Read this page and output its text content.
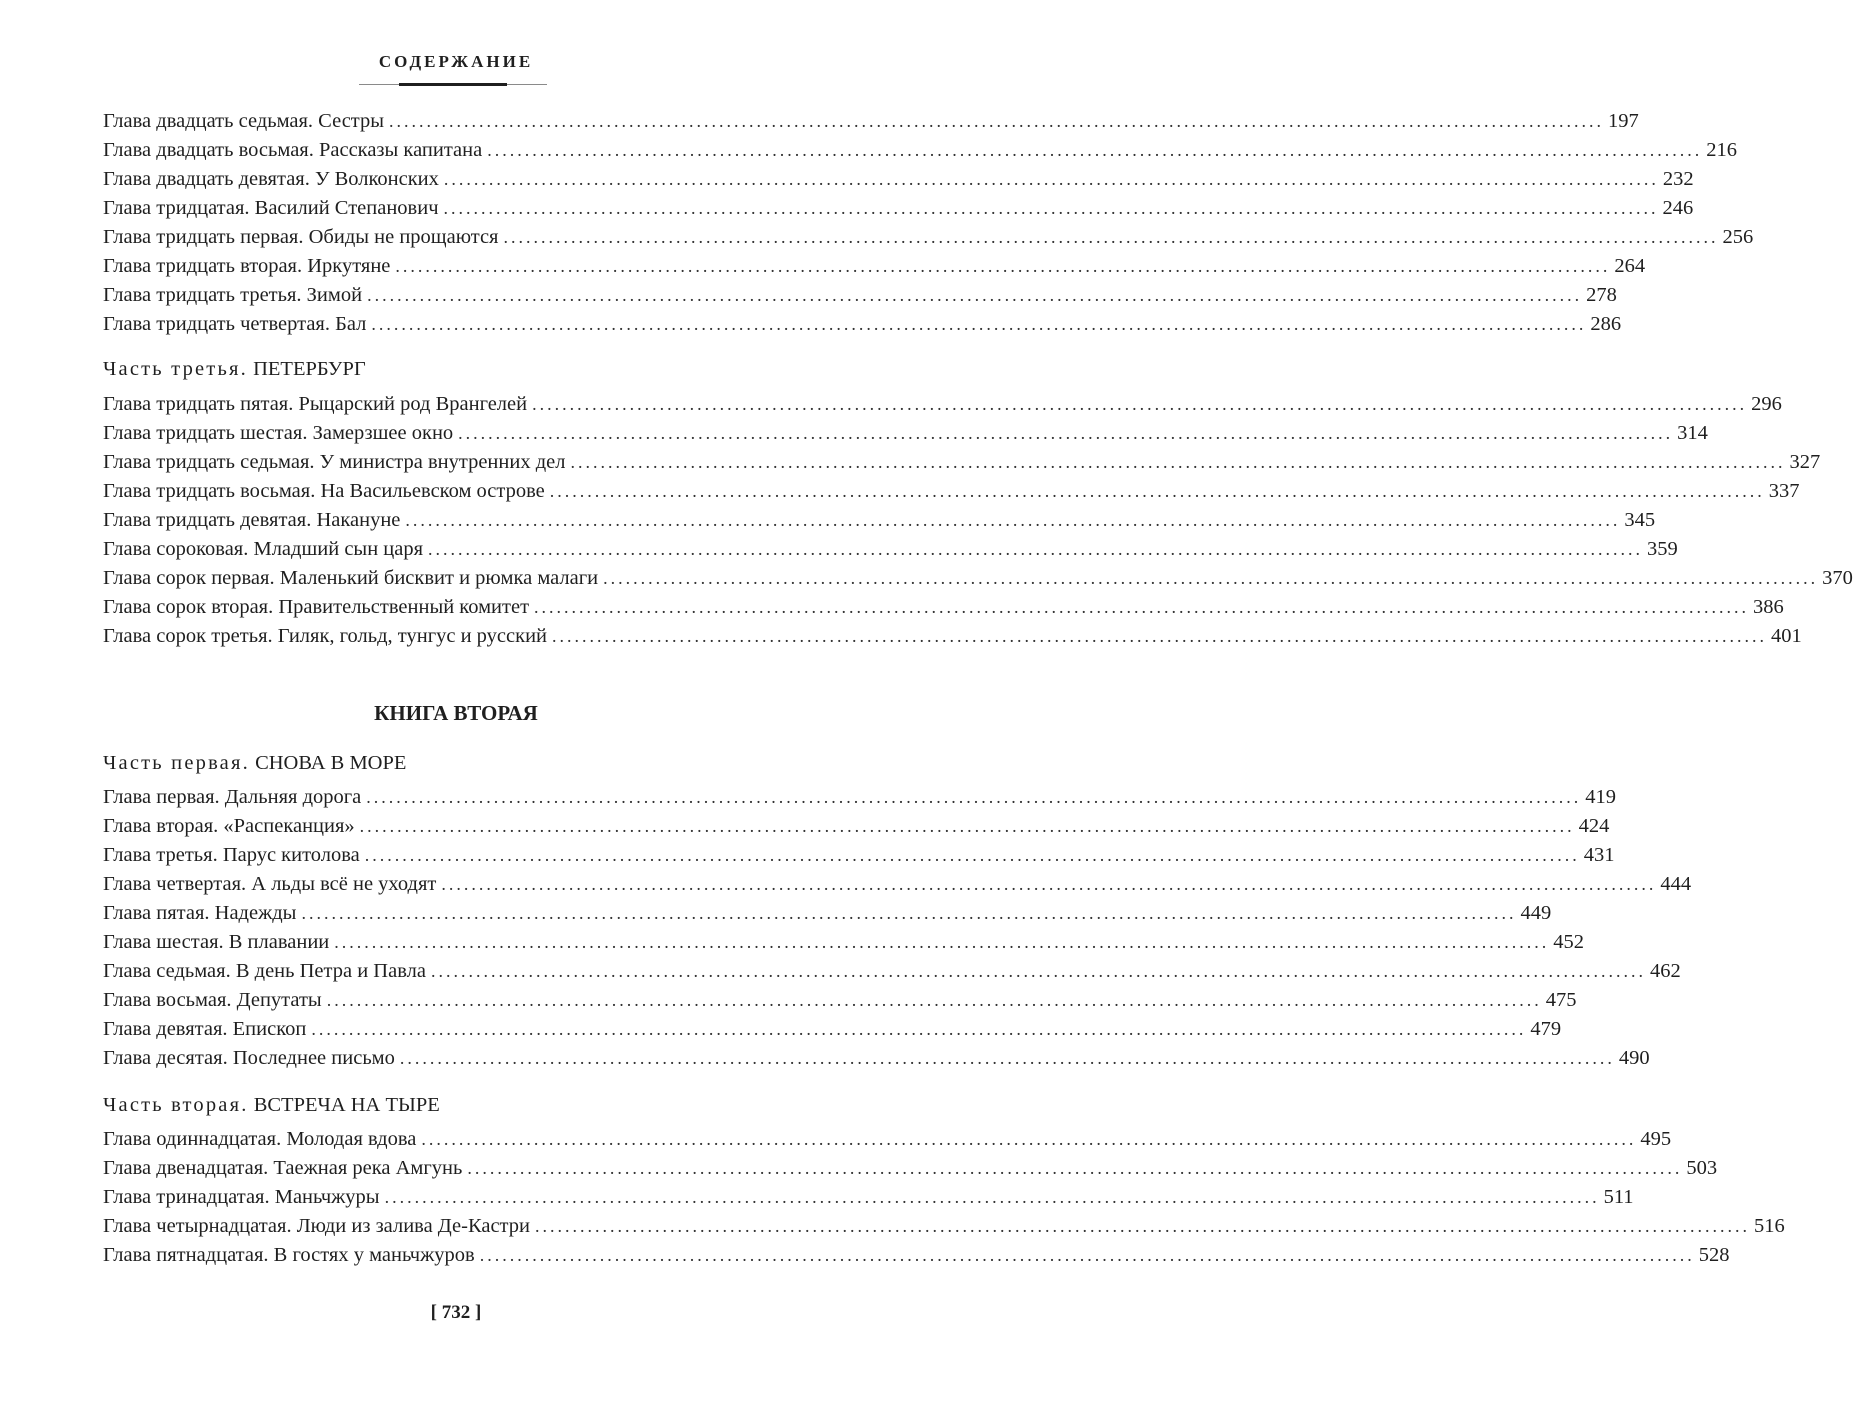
СОДЕРЖАНИЕ
Глава двадцать седьмая. Сестры .................................................................................................................................................................. 197
Глава двадцать восьмая. Рассказы капитана .................................................................................................................................................................. 216
Глава двадцать девятая. У Волконских .................................................................................................................................................................. 232
Глава тридцатая. Василий Степанович .................................................................................................................................................................. 246
Глава тридцать первая. Обиды не прощаются .................................................................................................................................................................. 256
Глава тридцать вторая. Иркутяне .................................................................................................................................................................. 264
Глава тридцать третья. Зимой .................................................................................................................................................................. 278
Глава тридцать четвертая. Бал .................................................................................................................................................................. 286
Часть третья. ПЕТЕРБУРГ
Глава тридцать пятая. Рыцарский род Врангелей .................................................................................................................................................................. 296
Глава тридцать шестая. Замерзшее окно .................................................................................................................................................................. 314
Глава тридцать седьмая. У министра внутренних дел .................................................................................................................................................................. 327
Глава тридцать восьмая. На Васильевском острове .................................................................................................................................................................. 337
Глава тридцать девятая. Накануне .................................................................................................................................................................. 345
Глава сороковая. Младший сын царя .................................................................................................................................................................. 359
Глава сорок первая. Маленький бисквит и рюмка малаги .................................................................................................................................................................. 370
Глава сорок вторая. Правительственный комитет .................................................................................................................................................................. 386
Глава сорок третья. Гиляк, гольд, тунгус и русский .................................................................................................................................................................. 401
КНИГА ВТОРАЯ
Часть первая. СНОВА В МОРЕ
Глава первая. Дальняя дорога .................................................................................................................................................................. 419
Глава вторая. «Распеканция» .................................................................................................................................................................. 424
Глава третья. Парус китолова .................................................................................................................................................................. 431
Глава четвертая. А льды всё не уходят .................................................................................................................................................................. 444
Глава пятая. Надежды .................................................................................................................................................................. 449
Глава шестая. В плавании .................................................................................................................................................................. 452
Глава седьмая. В день Петра и Павла .................................................................................................................................................................. 462
Глава восьмая. Депутаты .................................................................................................................................................................. 475
Глава девятая. Епископ .................................................................................................................................................................. 479
Глава десятая. Последнее письмо .................................................................................................................................................................. 490
Часть вторая. ВСТРЕЧА НА ТЫРЕ
Глава одиннадцатая. Молодая вдова .................................................................................................................................................................. 495
Глава двенадцатая. Таежная река Амгунь .................................................................................................................................................................. 503
Глава тринадцатая. Маньчжуры .................................................................................................................................................................. 511
Глава четырнадцатая. Люди из залива Де-Кастри .................................................................................................................................................................. 516
Глава пятнадцатая. В гостях у маньчжуров .................................................................................................................................................................. 528
[ 732 ]
